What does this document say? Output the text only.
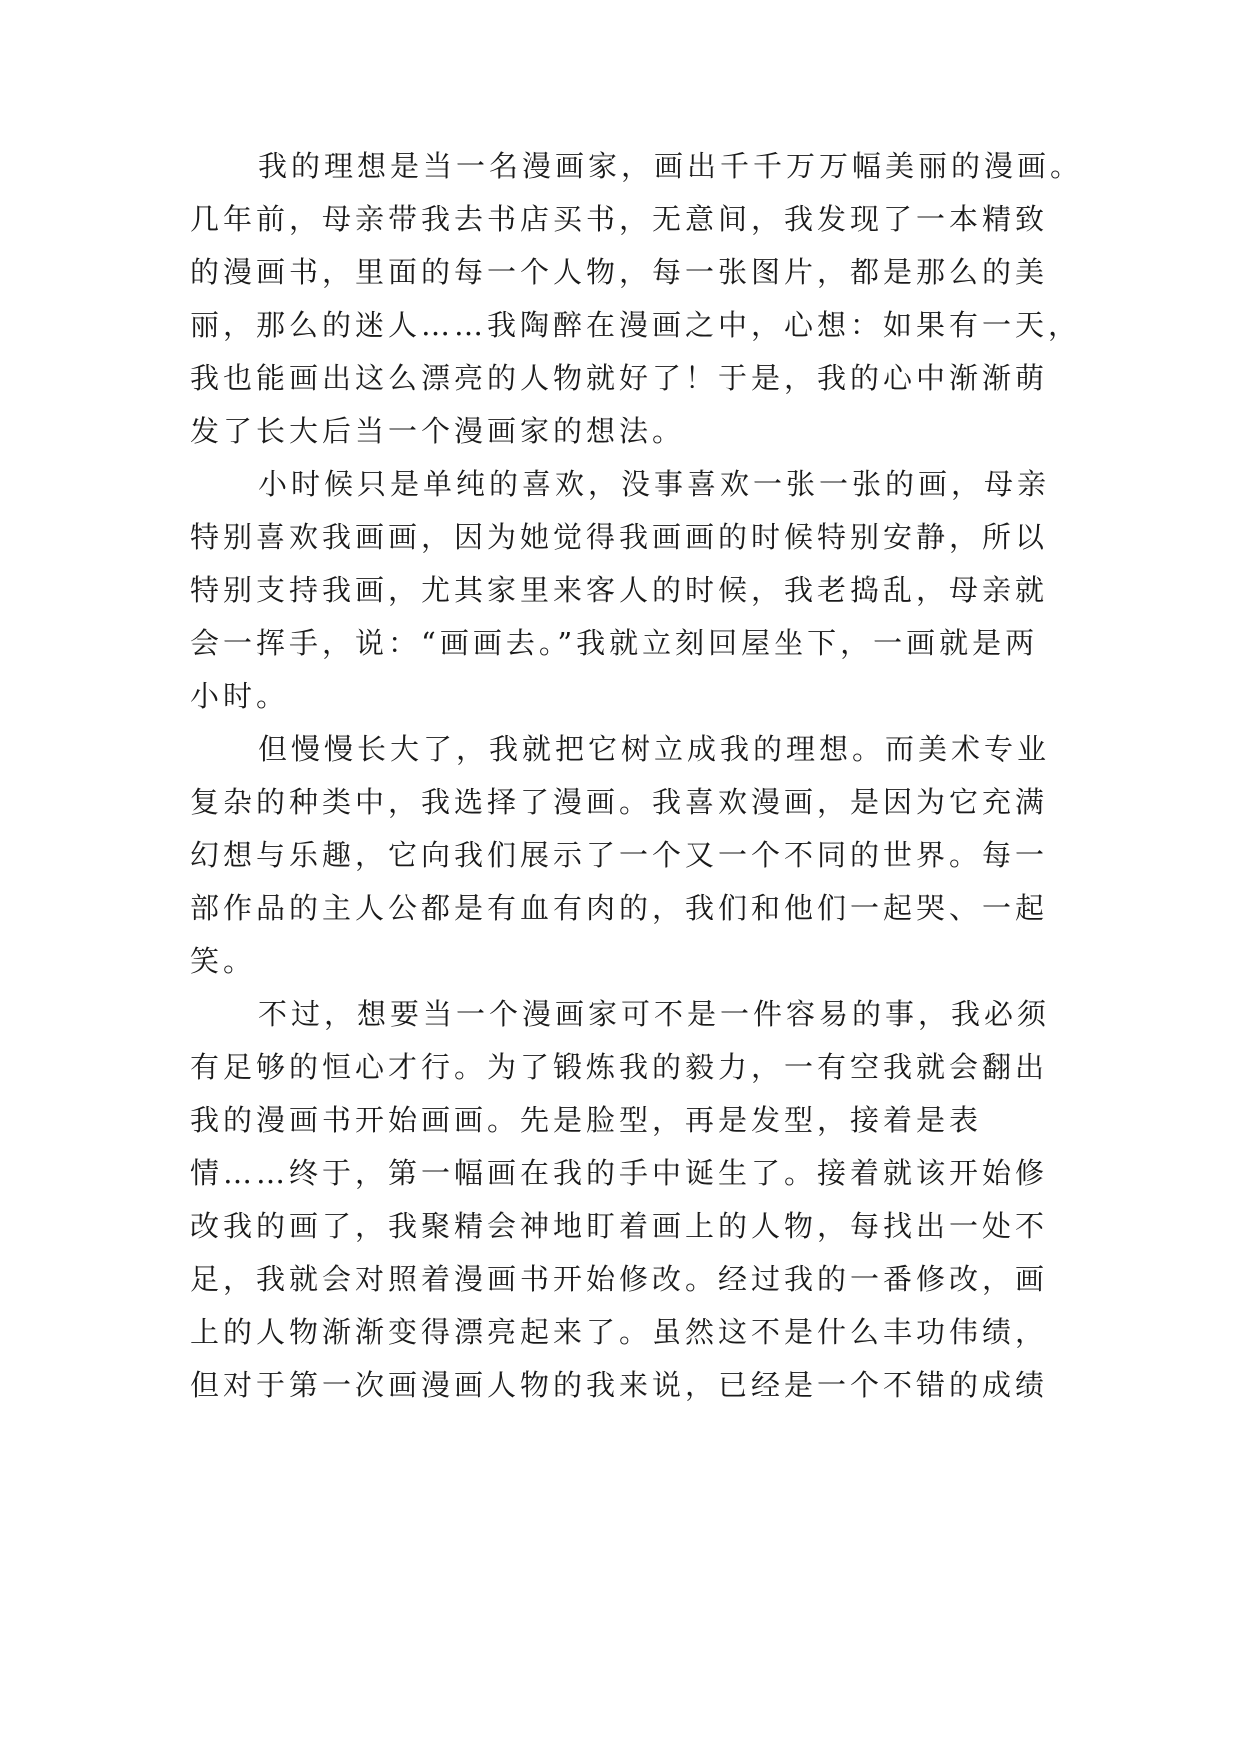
我的理想是当一名漫画家，画出千千万万幅美丽的漫画。
几年前，母亲带我去书店买书，无意间，我发现了一本精致
的漫画书，里面的每一个人物，每一张图片，都是那么的美
丽，那么的迷人……我陶醉在漫画之中，心想：如果有一天，
我也能画出这么漂亮的人物就好了！于是，我的心中渐渐萌
发了长大后当一个漫画家的想法。
小时候只是单纯的喜欢，没事喜欢一张一张的画，母亲
特别喜欢我画画，因为她觉得我画画的时候特别安静，所以
特别支持我画，尤其家里来客人的时候，我老捣乱，母亲就
会一挥手，说：“画画去。”我就立刻回屋坐下，一画就是两
小时。
但慢慢长大了，我就把它树立成我的理想。而美术专业
复杂的种类中，我选择了漫画。我喜欢漫画，是因为它充满
幻想与乐趣，它向我们展示了一个又一个不同的世界。每一
部作品的主人公都是有血有肉的，我们和他们一起哭、一起
笑。
不过，想要当一个漫画家可不是一件容易的事，我必须
有足够的恒心才行。为了锻炼我的毅力，一有空我就会翻出
我的漫画书开始画画。先是脸型，再是发型，接着是表
情……终于，第一幅画在我的手中诞生了。接着就该开始修
改我的画了，我聚精会神地盯着画上的人物，每找出一处不
足，我就会对照着漫画书开始修改。经过我的一番修改，画
上的人物渐渐变得漂亮起来了。虽然这不是什么丰功伟绩，
但对于第一次画漫画人物的我来说，已经是一个不错的成绩
